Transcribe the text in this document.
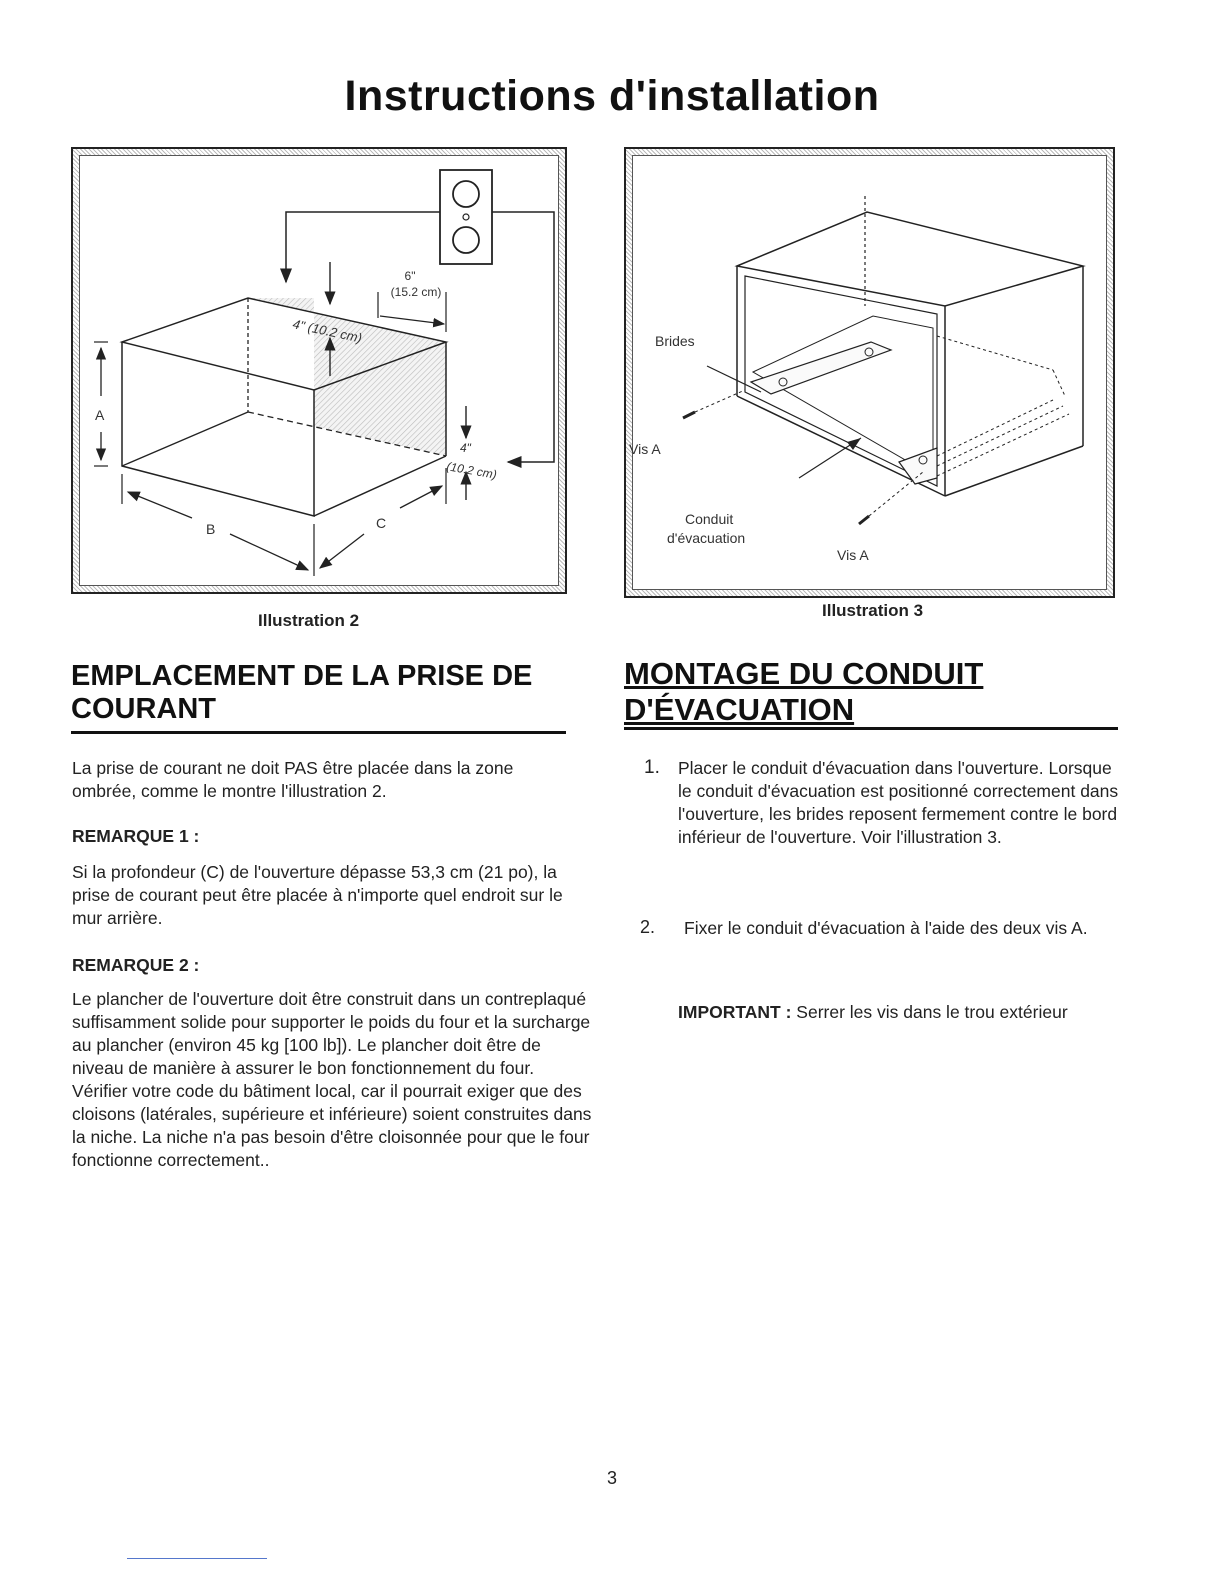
Instructions d'installation
6"
(15.2 cm)
4" (10.2 cm)
4"
(10.2 cm)
A
B	C
Illustration 2
Brides
Vis A
Conduit
d'évacuation
Vis A
Illustration 3
EMPLACEMENT DE LA PRISE DE
COURANT
La prise de courant ne doit PAS être placée dans la zone ombrée, comme le montre l'illustration 2.
REMARQUE 1 :
Si la profondeur (C) de l'ouverture dépasse 53,3 cm (21 po), la prise de courant peut être placée à n'importe quel endroit sur le mur arrière.
REMARQUE 2 :
Le plancher de l'ouverture doit être construit dans un contreplaqué suffisamment solide pour supporter le poids du four et la surcharge au plancher (environ 45 kg [100 lb]). Le plancher doit être de niveau de manière à assurer le bon fonctionnement du four. Vérifier votre code du bâtiment local, car il pourrait exiger que des cloisons (latérales, supérieure et inférieure) soient construites dans la niche. La niche n'a pas besoin d'être cloisonnée pour que le four fonctionne correctement..
MONTAGE DU CONDUIT
D'ÉVACUATION
1. Placer le conduit d'évacuation dans l'ouverture. Lorsque le conduit d'évacuation est positionné correctement dans l'ouverture, les brides reposent fermement contre le bord inférieur de l'ouverture. Voir l'illustration 3.
2.	Fixer le conduit d'évacuation à l'aide des deux vis A.
IMPORTANT : Serrer les vis dans le trou extérieur
3
